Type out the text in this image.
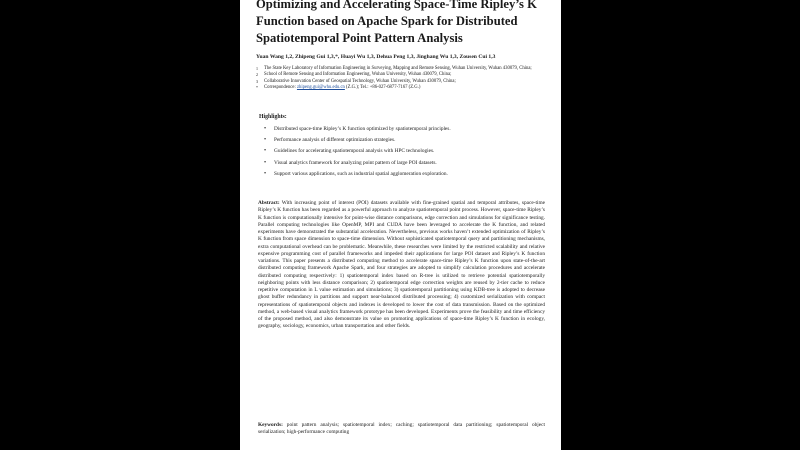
Optimizing and Accelerating Space-Time Ripley’s K Function based on Apache Spark for Distributed Spatiotemporal Point Pattern Analysis
Yuan Wang 1,2, Zhipeng Gui 1,3,*, Huayi Wu 1,3, Dehua Peng 1,3, Jinghang Wu 1,3, Zousen Cui 1,3

1	The State Key Laboratory of Information Engineering in Surveying, Mapping and Remote Sensing, Wuhan University, Wuhan 430079, China;

2	School of Remote Sensing and Information Engineering, Wuhan University, Wuhan 430079, China;

3	Collaborative Innovation Center of Geospatial Technology, Wuhan University, Wuhan 430079, China;

*	Correspondence: zhipeng.gui@whu.edu.cn (Z.G.); Tel.: +86-027-6877-7167 (Z.G.)

Highlights:
•	Distributed space-time Ripley’s K function optimized by spatiotemporal principles.
•	Performance analysis of different optimization strategies.
•	Guidelines for accelerating spatiotemporal analysis with HPC technologies.
•	Visual analytics framework for analyzing point pattern of large POI datasets.
•	Support various applications, such as industrial spatial agglomeration exploration.

Abstract: With increasing point of interest (POI) datasets available with fine-grained spatial and temporal attributes, space-time Ripley’s K function has been regarded as a powerful approach to analyze spatiotemporal point process. However, space-time Ripley’s K function is computationally intensive for point-wise distance comparisons, edge correction and simulations for significance testing. Parallel computing technologies like OpenMP, MPI and CUDA have been leveraged to accelerate the K function, and related experiments have demonstrated the substantial acceleration. Nevertheless, previous works haven’t extended optimization of Ripley’s K function from space dimension to space-time dimension. Without sophisticated spatiotemporal query and partitioning mechanisms, extra computational overhead can be problematic. Meanwhile, these researches were limited by the restricted scalability and relative expensive programming cost of parallel frameworks and impeded their applications for large POI dataset and Ripley’s K function variations. This paper presents a distributed computing method to accelerate space-time Ripley’s K function upon state-of-the-art distributed computing framework Apache Spark, and four strategies are adopted to simplify calculation procedures and accelerate distributed computing respectively: 1) spatiotemporal index based on R-tree is utilized to retrieve potential spatiotemporally neighboring points with less distance comparison; 2) spatiotemporal edge correction weights are reused by 2-tier cache to reduce repetitive computation in L value estimation and simulations; 3) spatiotemporal partitioning using KDB-tree is adopted to decrease ghost buffer redundancy in partitions and support near-balanced distributed processing; 4) customized serialization with compact representations of spatiotemporal objects and indexes is developed to lower the cost of data transmission. Based on the optimized method, a web-based visual analytics framework prototype has been developed. Experiments prove the feasibility and time efficiency of the proposed method, and also demonstrate its value on promoting applications of space-time Ripley’s K function in ecology, geography, sociology, economics, urban transportation and other fields.

Keywords: point pattern analysis; spatiotemporal index; caching; spatiotemporal data partitioning; spatiotemporal object serialization; high-performance computing
